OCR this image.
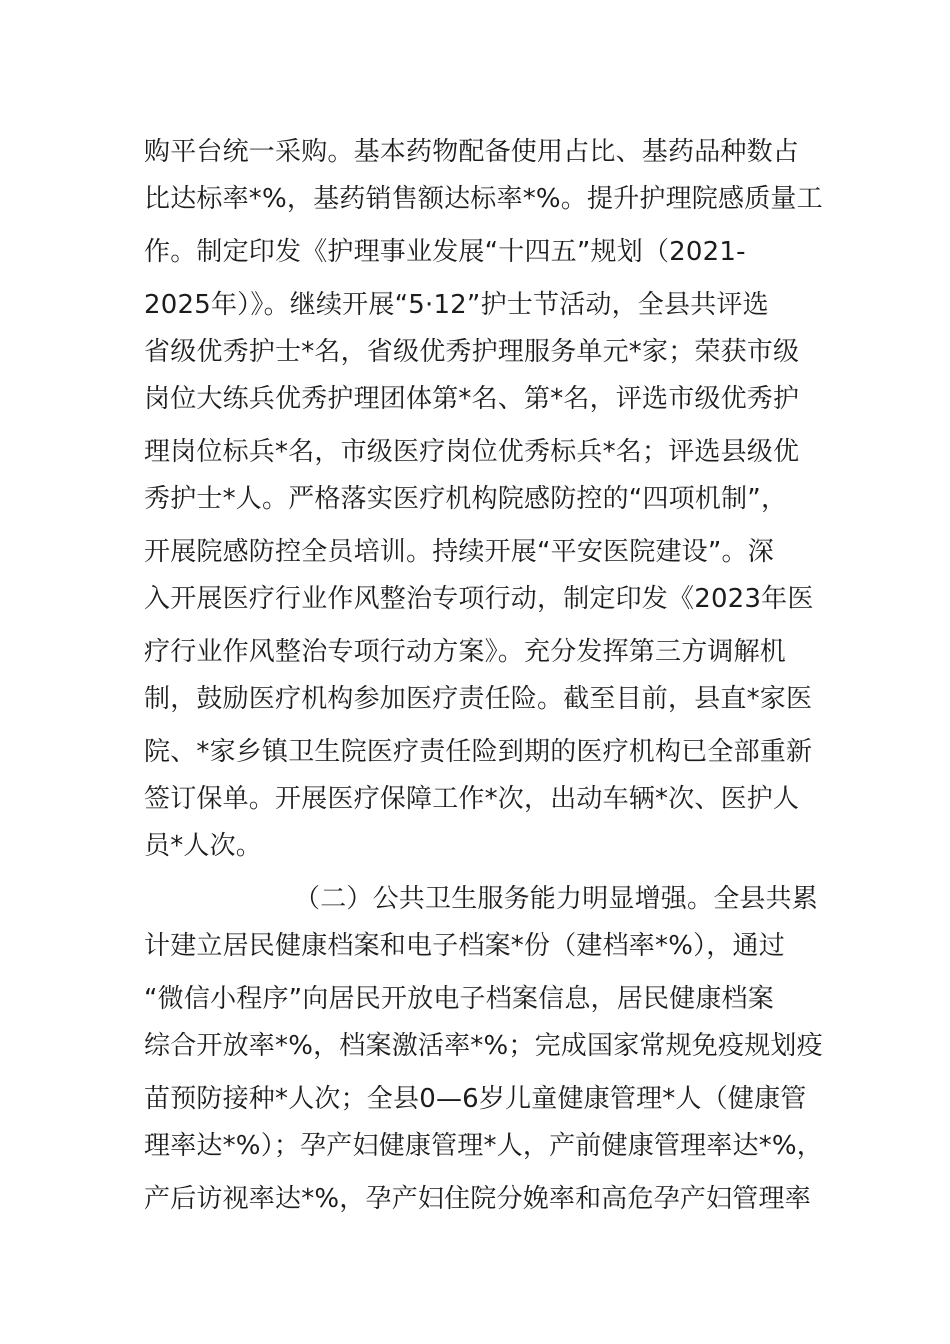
购平台统一采购。基本药物配备使用占比、基药品种数占
比达标率*%，基药销售额达标率*%。提升护理院感质量工
作。制定印发《护理事业发展“十四五”规划（2021-
2025年）》。继续开展“5·12”护士节活动，全县共评选
省级优秀护士*名，省级优秀护理服务单元*家；荣获市级
岗位大练兵优秀护理团体第*名、第*名，评选市级优秀护
理岗位标兵*名，市级医疗岗位优秀标兵*名；评选县级优
秀护士*人。严格落实医疗机构院感防控的“四项机制”，
开展院感防控全员培训。持续开展“平安医院建设”。深
入开展医疗行业作风整治专项行动，制定印发《2023年医
疗行业作风整治专项行动方案》。充分发挥第三方调解机
制，鼓励医疗机构参加医疗责任险。截至目前，县直*家医
院、*家乡镇卫生院医疗责任险到期的医疗机构已全部重新
签订保单。开展医疗保障工作*次，出动车辆*次、医护人
员*人次。
（二）公共卫生服务能力明显增强。全县共累
计建立居民健康档案和电子档案*份（建档率*%），通过
“微信小程序”向居民开放电子档案信息，居民健康档案
综合开放率*%，档案激活率*%；完成国家常规免疫规划疫
苗预防接种*人次；全县0—6岁儿童健康管理*人（健康管
理率达*%）；孕产妇健康管理*人，产前健康管理率达*%，
产后访视率达*%，孕产妇住院分娩率和高危孕产妇管理率
